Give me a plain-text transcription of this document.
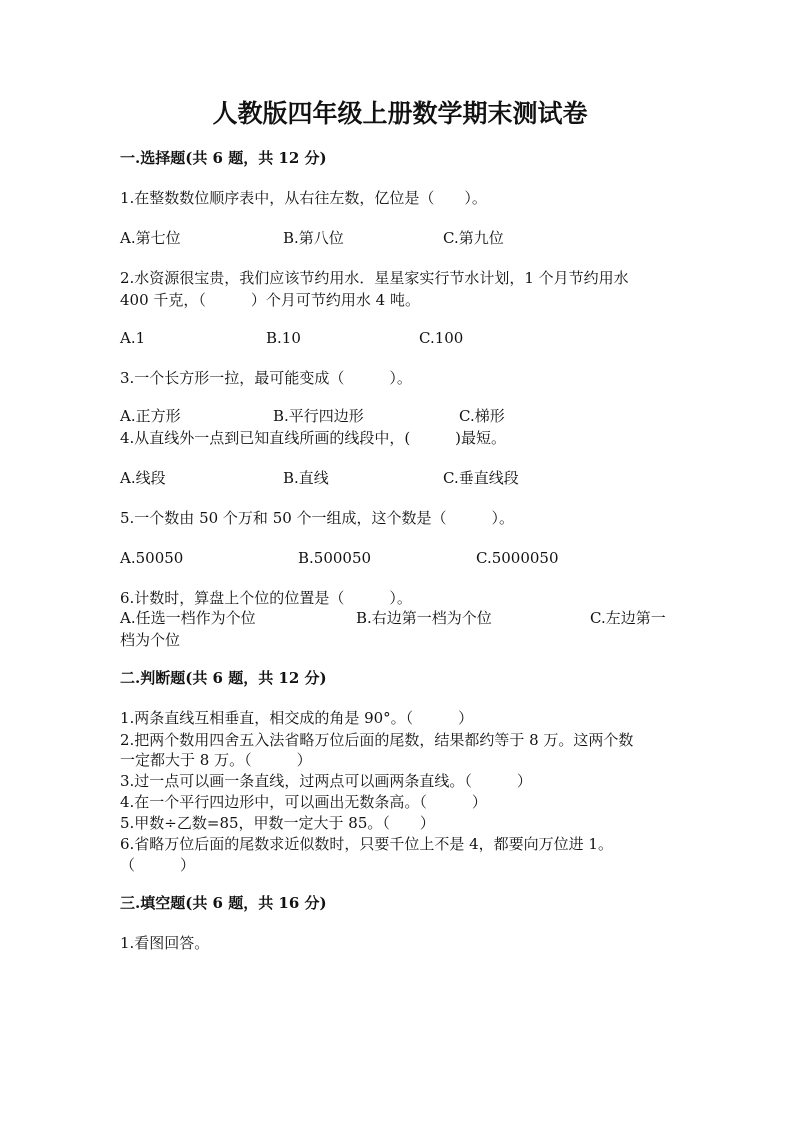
人教版四年级上册数学期末测试卷
一.选择题(共 6 题，共 12 分)
1.在整数数位顺序表中，从右往左数，亿位是（　　）。
A.第七位	B.第八位	C.第九位
2.水资源很宝贵，我们应该节约用水．星星家实行节水计划，1 个月节约用水
400 千克，（　　　）个月可节约用水 4 吨。
A.1	B.10	C.100
3.一个长方形一拉，最可能变成（　　　）。
A.正方形	B.平行四边形	C.梯形
4.从直线外一点到已知直线所画的线段中，(　　　)最短。
A.线段	B.直线	C.垂直线段
5.一个数由 50 个万和 50 个一组成，这个数是（　　　）。
A.50050	B.500050	C.5000050
6.计数时，算盘上个位的位置是（　　　）。
A.任选一档作为个位	B.右边第一档为个位	C.左边第一
档为个位
二.判断题(共 6 题，共 12 分)
1.两条直线互相垂直，相交成的角是 90°。（　　　）
2.把两个数用四舍五入法省略万位后面的尾数，结果都约等于 8 万。这两个数
一定都大于 8 万。（　　　）
3.过一点可以画一条直线，过两点可以画两条直线。（　　　）
4.在一个平行四边形中，可以画出无数条高。（　　　）
5.甲数÷乙数=85，甲数一定大于 85。（　　）
6.省略万位后面的尾数求近似数时，只要千位上不是 4，都要向万位进 1。
（　　　）
三.填空题(共 6 题，共 16 分)
1.看图回答。
